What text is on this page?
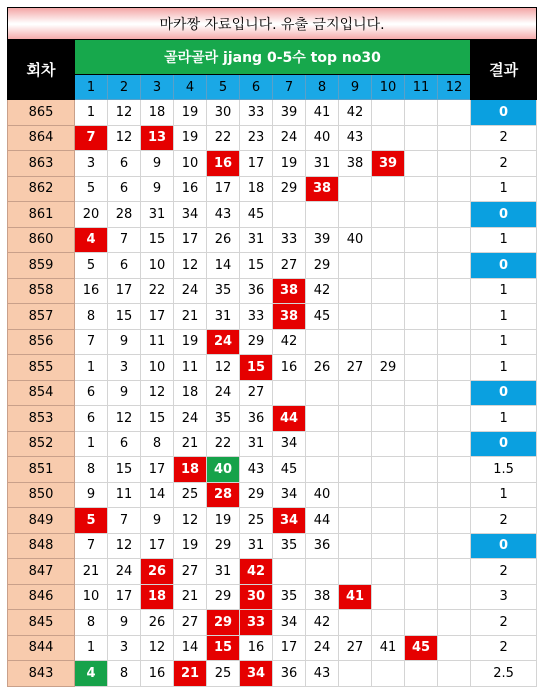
마카짱 자료입니다. 유출 금지입니다.													
회차	골라골라 jjang 0-5수 top no30												결과
	1	2	3	4	5	6	7	8	9	10	11	12	
865	1	12	18	19	30	33	39	41	42				0
864	7	12	13	19	22	23	24	40	43				2
863	3	6	9	10	16	17	19	31	38	39			2
862	5	6	9	16	17	18	29	38					1
861	20	28	31	34	43	45							0
860	4	7	15	17	26	31	33	39	40				1
859	5	6	10	12	14	15	27	29					0
858	16	17	22	24	35	36	38	42					1
857	8	15	17	21	31	33	38	45					1
856	7	9	11	19	24	29	42						1
855	1	3	10	11	12	15	16	26	27	29			1
854	6	9	12	18	24	27							0
853	6	12	15	24	35	36	44						1
852	1	6	8	21	22	31	34						0
851	8	15	17	18	40	43	45						1.5
850	9	11	14	25	28	29	34	40					1
849	5	7	9	12	19	25	34	44					2
848	7	12	17	19	29	31	35	36					0
847	21	24	26	27	31	42							2
846	10	17	18	21	29	30	35	38	41				3
845	8	9	26	27	29	33	34	42					2
844	1	3	12	14	15	16	17	24	27	41	45		2
843	4	8	16	21	25	34	36	43					2.5
